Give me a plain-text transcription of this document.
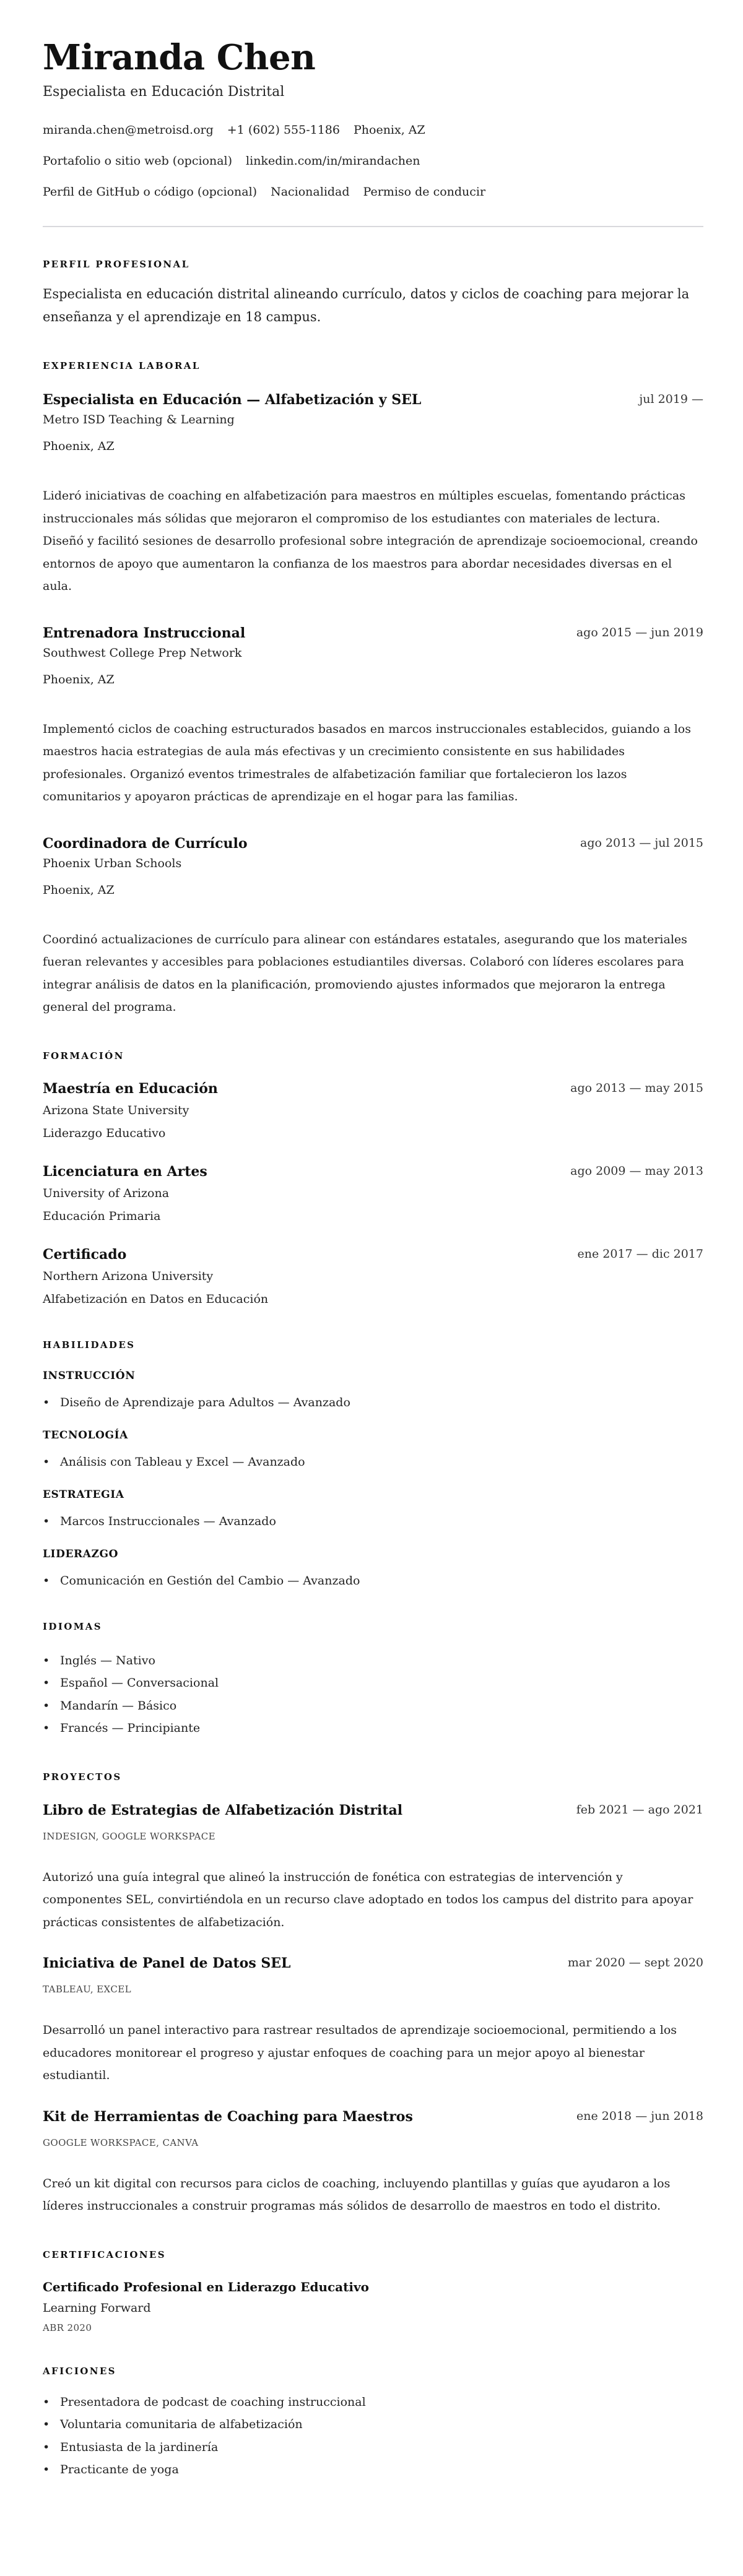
Miranda Chen
Especialista en Educación Distrital
miranda.chen@metroisd.org +1 (602) 555-1186 Phoenix, AZ
Portafolio o sitio web (opcional) linkedin.com/in/mirandachen
Perfil de GitHub o código (opcional) Nacionalidad Permiso de conducir
PERFIL PROFESIONAL
Especialista en educación distrital alineando currículo, datos y ciclos de coaching para mejorar la enseñanza y el aprendizaje en 18 campus.
EXPERIENCIA LABORAL
Especialista en Educación — Alfabetización y SEL	jul 2019 —
Metro ISD Teaching & Learning
Phoenix, AZ
Lideró iniciativas de coaching en alfabetización para maestros en múltiples escuelas, fomentando prácticas instruccionales más sólidas que mejoraron el compromiso de los estudiantes con materiales de lectura. Diseñó y facilitó sesiones de desarrollo profesional sobre integración de aprendizaje socioemocional, creando entornos de apoyo que aumentaron la confianza de los maestros para abordar necesidades diversas en el aula.
Entrenadora Instruccional	ago 2015 — jun 2019
Southwest College Prep Network
Phoenix, AZ
Implementó ciclos de coaching estructurados basados en marcos instruccionales establecidos, guiando a los maestros hacia estrategias de aula más efectivas y un crecimiento consistente en sus habilidades profesionales. Organizó eventos trimestrales de alfabetización familiar que fortalecieron los lazos comunitarios y apoyaron prácticas de aprendizaje en el hogar para las familias.
Coordinadora de Currículo	ago 2013 — jul 2015
Phoenix Urban Schools
Phoenix, AZ
Coordinó actualizaciones de currículo para alinear con estándares estatales, asegurando que los materiales fueran relevantes y accesibles para poblaciones estudiantiles diversas. Colaboró con líderes escolares para integrar análisis de datos en la planificación, promoviendo ajustes informados que mejoraron la entrega general del programa.
FORMACIÓN
Maestría en Educación	ago 2013 — may 2015
Arizona State University
Liderazgo Educativo
Licenciatura en Artes	ago 2009 — may 2013
University of Arizona
Educación Primaria
Certificado	ene 2017 — dic 2017
Northern Arizona University
Alfabetización en Datos en Educación
HABILIDADES
INSTRUCCIÓN
• Diseño de Aprendizaje para Adultos — Avanzado
TECNOLOGÍA
• Análisis con Tableau y Excel — Avanzado
ESTRATEGIA
• Marcos Instruccionales — Avanzado
LIDERAZGO
• Comunicación en Gestión del Cambio — Avanzado
IDIOMAS
• Inglés — Nativo
• Español — Conversacional
• Mandarín — Básico
• Francés — Principiante
PROYECTOS
Libro de Estrategias de Alfabetización Distrital	feb 2021 — ago 2021
INDESIGN, GOOGLE WORKSPACE
Autorizó una guía integral que alineó la instrucción de fonética con estrategias de intervención y componentes SEL, convirtiéndola en un recurso clave adoptado en todos los campus del distrito para apoyar prácticas consistentes de alfabetización.
Iniciativa de Panel de Datos SEL	mar 2020 — sept 2020
TABLEAU, EXCEL
Desarrolló un panel interactivo para rastrear resultados de aprendizaje socioemocional, permitiendo a los educadores monitorear el progreso y ajustar enfoques de coaching para un mejor apoyo al bienestar estudiantil.
Kit de Herramientas de Coaching para Maestros	ene 2018 — jun 2018
GOOGLE WORKSPACE, CANVA
Creó un kit digital con recursos para ciclos de coaching, incluyendo plantillas y guías que ayudaron a los líderes instruccionales a construir programas más sólidos de desarrollo de maestros en todo el distrito.
CERTIFICACIONES
Certificado Profesional en Liderazgo Educativo
Learning Forward
ABR 2020
AFICIONES
• Presentadora de podcast de coaching instruccional
• Voluntaria comunitaria de alfabetización
• Entusiasta de la jardinería
• Practicante de yoga
